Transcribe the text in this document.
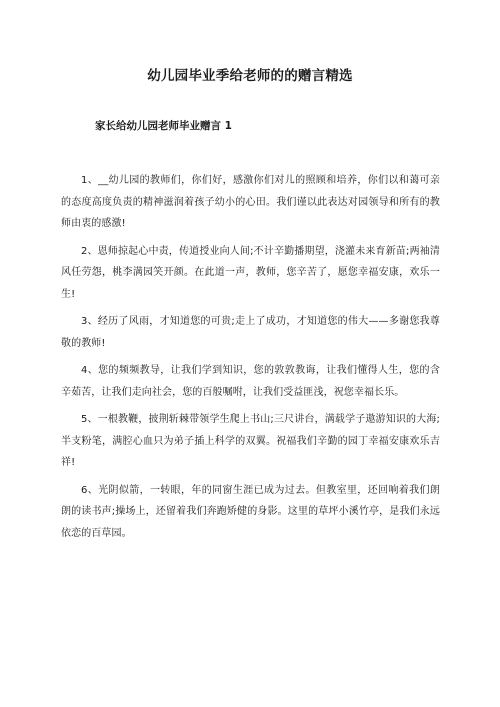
幼儿园毕业季给老师的的赠言精选
家长给幼儿园老师毕业赠言 1

1、__幼儿园的教师们，你们好，感激你们对儿的照顾和培养，你们以和蔼可亲的态度高度负责的精神滋润着孩子幼小的心田。我们谨以此表达对园领导和所有的教师由衷的感激!

2、恩师掠起心中责，传道授业向人间;不计辛勤播期望，浇灌未来育新苗;两袖清风任劳怨，桃李满园笑开颜。在此道一声，教师，您辛苦了，愿您幸福安康，欢乐一生!

3、经历了风雨，才知道您的可贵;走上了成功，才知道您的伟大——多谢您我尊敬的教师!

4、您的频频教导，让我们学到知识，您的敦敦教诲，让我们懂得人生，您的含辛茹苦，让我们走向社会，您的百般嘱咐，让我们受益匪浅，祝您幸福长乐。

5、一根教鞭，披荆斩棘带领学生爬上书山;三尺讲台，满载学子遨游知识的大海;半支粉笔，满腔心血只为弟子插上科学的双翼。祝福我们辛勤的园丁幸福安康欢乐吉祥!

6、光阴似箭，一转眼，年的同窗生涯已成为过去。但教室里，还回响着我们朗朗的读书声;操场上，还留着我们奔跑矫健的身影。这里的草坪小溪竹亭，是我们永远依恋的百草园。
